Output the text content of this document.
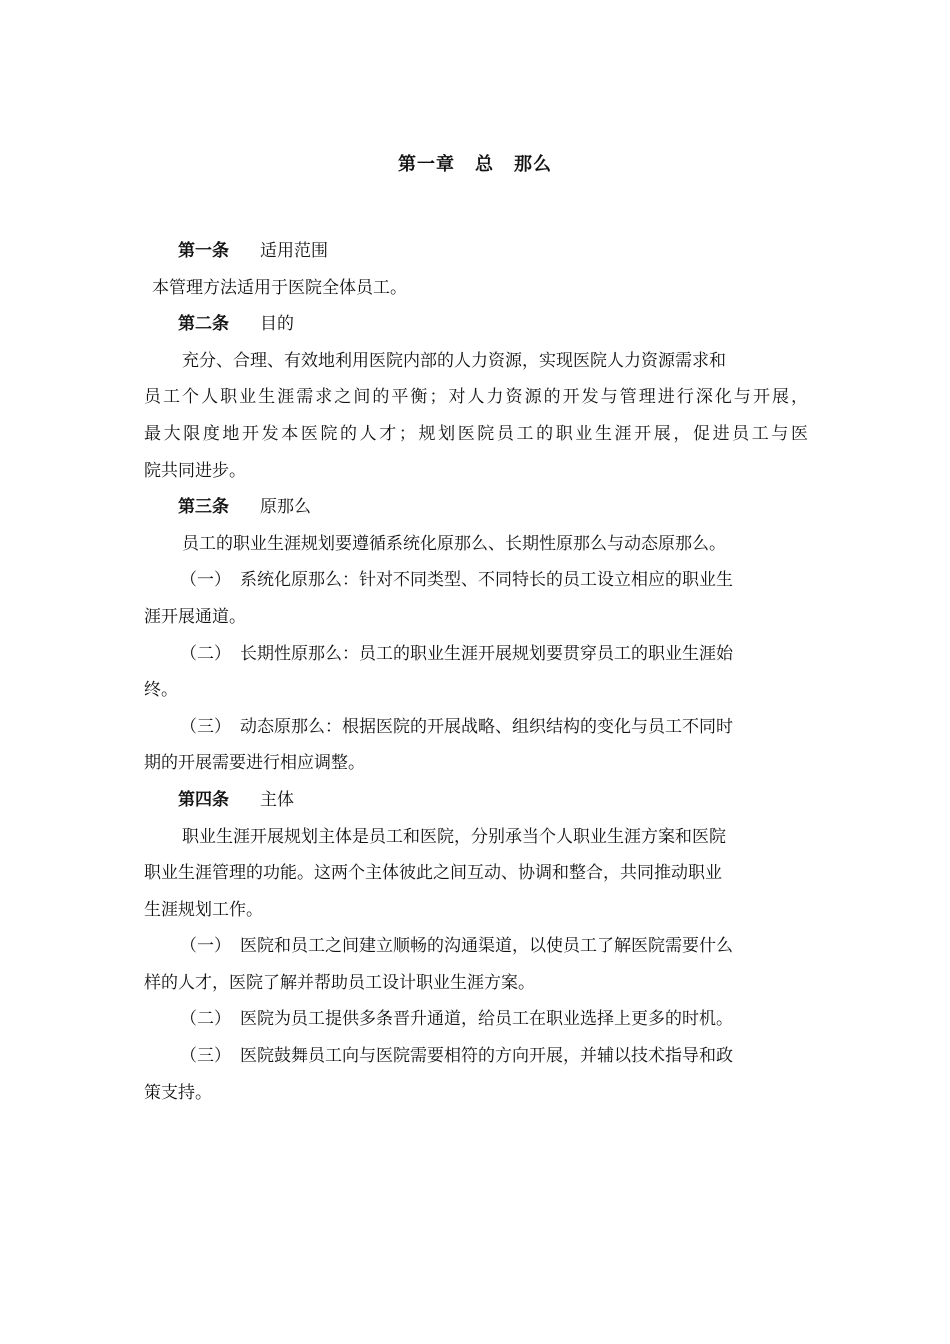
第一章 总 那么
第一条 适用范围
本管理方法适用于医院全体员工。
第二条 目的
充分、合理、有效地利用医院内部的人力资源，实现医院人力资源需求和
员工个人职业生涯需求之间的平衡；对人力资源的开发与管理进行深化与开展，
最大限度地开发本医院的人才；规划医院员工的职业生涯开展，促进员工与医
院共同进步。
第三条 原那么
员工的职业生涯规划要遵循系统化原那么、长期性原那么与动态原那么。
（一） 系统化原那么：针对不同类型、不同特长的员工设立相应的职业生
涯开展通道。
（二） 长期性原那么：员工的职业生涯开展规划要贯穿员工的职业生涯始
终。
（三） 动态原那么：根据医院的开展战略、组织结构的变化与员工不同时
期的开展需要进行相应调整。
第四条 主体
职业生涯开展规划主体是员工和医院，分别承当个人职业生涯方案和医院
职业生涯管理的功能。这两个主体彼此之间互动、协调和整合，共同推动职业
生涯规划工作。
（一） 医院和员工之间建立顺畅的沟通渠道，以使员工了解医院需要什么
样的人才，医院了解并帮助员工设计职业生涯方案。
（二） 医院为员工提供多条晋升通道，给员工在职业选择上更多的时机。
（三） 医院鼓舞员工向与医院需要相符的方向开展，并辅以技术指导和政
策支持。
